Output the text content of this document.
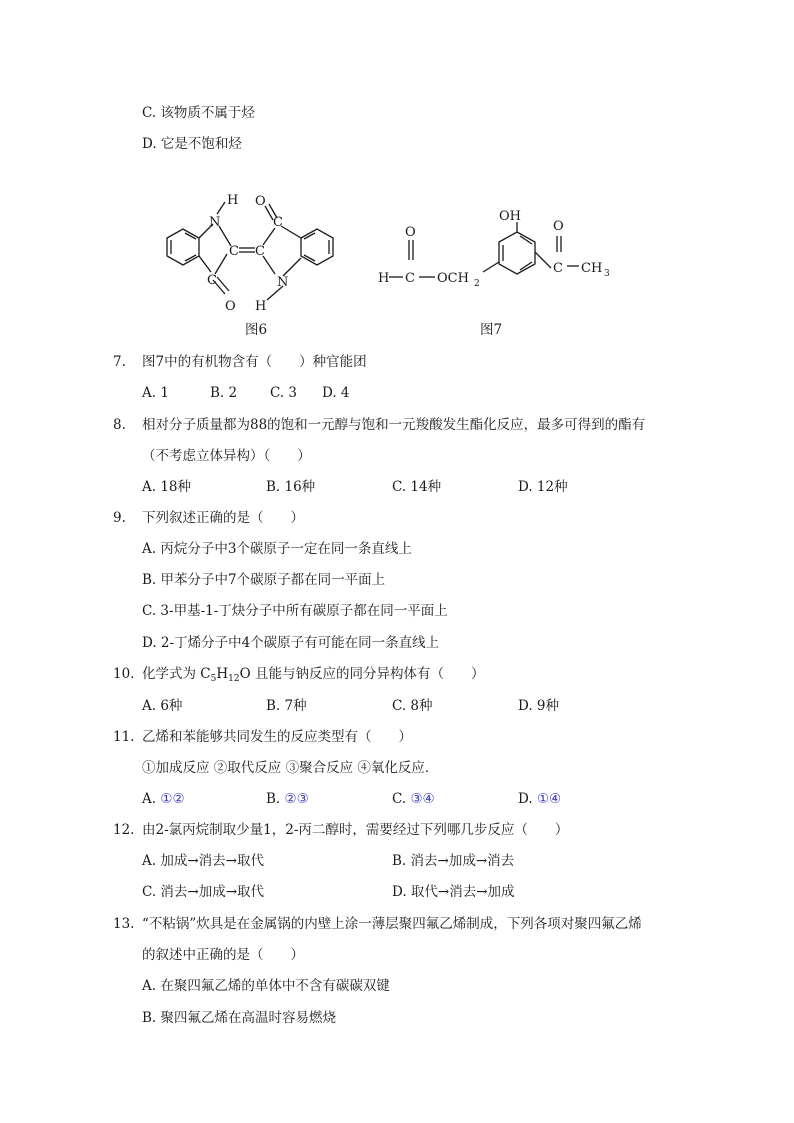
C. 该物质不属于烃
D. 它是不饱和烃
H
N
O
C C
C
C
N
H
O
图6
OH
O
H C OCH 2
O
C CH 3
图7
7. 图7中的有机物含有（　　）种官能团
A. 1	B. 2 C. 3 D. 4
8. 相对分子质量都为88的饱和一元醇与饱和一元羧酸发生酯化反应，最多可得到的酯有
（不考虑立体异构）（　　）
A. 18种	B. 16种	C. 14种	D. 12种
9. 下列叙述正确的是（　　）
A. 丙烷分子中3个碳原子一定在同一条直线上
B. 甲苯分子中7个碳原子都在同一平面上
C. 3-甲基-1-丁炔分子中所有碳原子都在同一平面上
D. 2-丁烯分子中4个碳原子有可能在同一条直线上
10. 化学式为 $C_5H_{12}O$ 且能与钠反应的同分异构体有（　　）
A. 6种	B. 7种	C. 8种	D. 9种
11. 乙烯和苯能够共同发生的反应类型有（　　）
①加成反应 ②取代反应 ③聚合反应 ④氧化反应．
A. ①②	B. ②③	C. ③④	D. ①④
12. 由2-氯丙烷制取少量1，2-丙二醇时，需要经过下列哪几步反应（　　）
A. 加成→消去→取代	B. 消去→加成→消去
C. 消去→加成→取代	D. 取代→消去→加成
13. “不粘锅”炊具是在金属锅的内壁上涂一薄层聚四氟乙烯制成，下列各项对聚四氟乙烯
的叙述中正确的是（　　）
A. 在聚四氟乙烯的单体中不含有碳碳双键
B. 聚四氟乙烯在高温时容易燃烧
